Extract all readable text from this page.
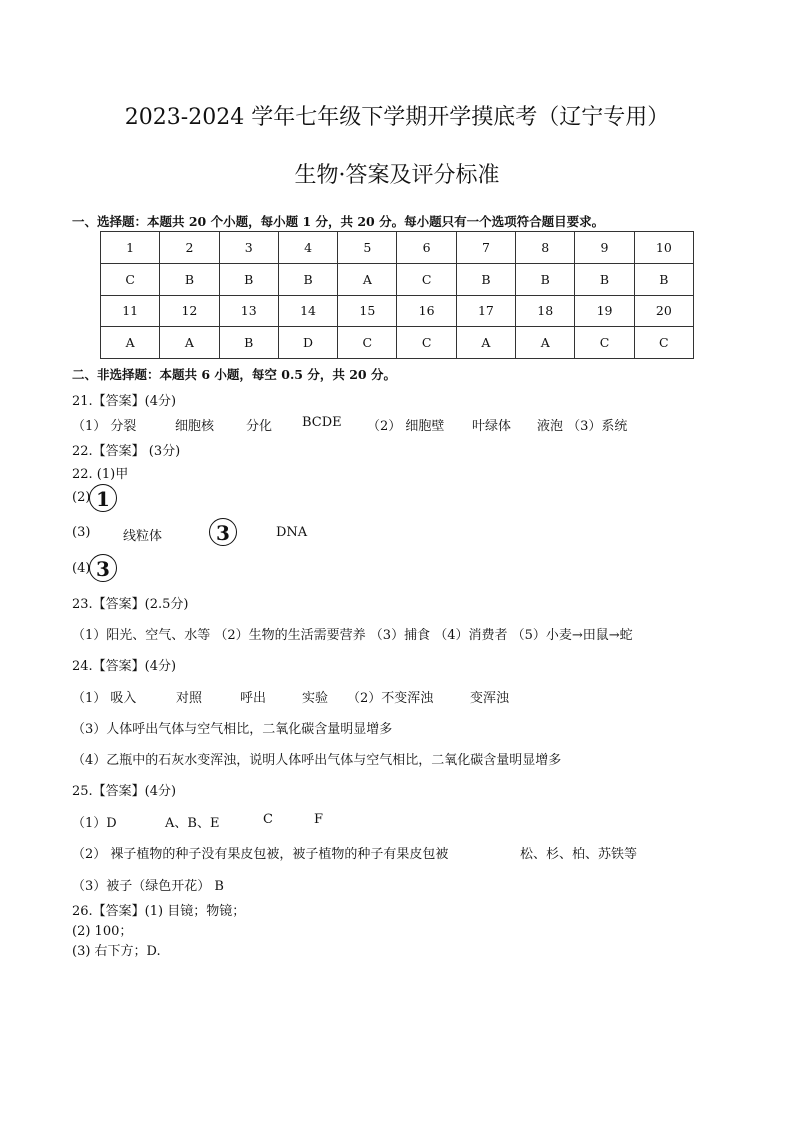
2023-2024 学年七年级下学期开学摸底考（辽宁专用）
生物·答案及评分标准
一、选择题：本题共 20 个小题，每小题 1 分，共 20 分。每小题只有一个选项符合题目要求。
1	2	3	4	5	6	7	8	9	10
C	B	B	B	A	C	B	B	B	B
11	12	13	14	15	16	17	18	19	20
A	A	B	D	C	C	A	A	C	C
二、非选择题：本题共 6 小题，每空 0.5 分，共 20 分。
21.【答案】(4分)
（1） 分裂	细胞核 分化 BCDE （2） 细胞壁 叶绿体 液泡 （3）系统
22.【答案】 (3分)
22. (1)甲
(2) 1
(3)	线粒体	3	DNA
(4) 3
23.【答案】(2.5分)
（1）阳光、空气、水等 （2）生物的生活需要营养 （3）捕食 （4）消费者 （5）小麦→田鼠→蛇
24.【答案】(4分)
（1） 吸入	对照	呼出	实验 （2）不变浑浊	变浑浊
（3）人体呼出气体与空气相比，二氧化碳含量明显增多
（4）乙瓶中的石灰水变浑浊，说明人体呼出气体与空气相比，二氧化碳含量明显增多
25.【答案】(4分)
（1）D	A、B、E	C	F
（2） 裸子植物的种子没有果皮包被，被子植物的种子有果皮包被	松、杉、柏、苏铁等
（3）被子（绿色开花） B
26.【答案】(1) 目镜；物镜；
(2) 100；
(3) 右下方；D.
